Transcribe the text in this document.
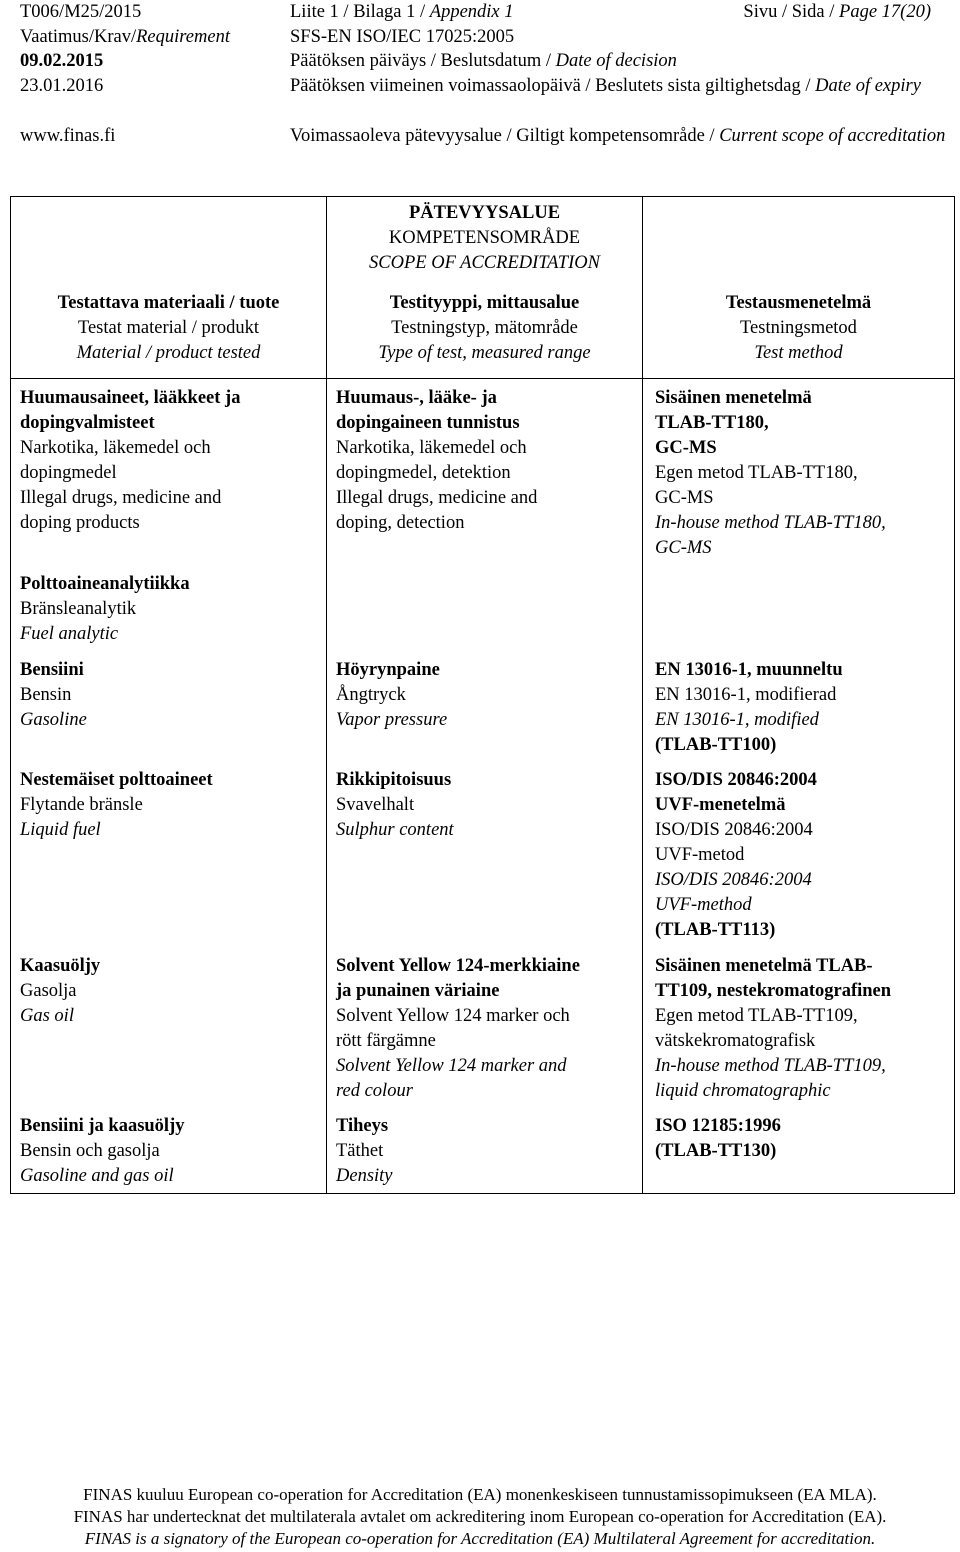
T006/M25/2015
Vaatimus/Krav/Requirement
09.02.2015
23.01.2016
www.finas.fi
Liite 1 / Bilaga 1 / Appendix 1
SFS-EN ISO/IEC 17025:2005
Päätöksen päiväys / Beslutsdatum / Date of decision
Päätöksen viimeinen voimassaolopäivä / Beslutets sista giltighetsdag / Date of expiry
Voimassaoleva pätevyysalue / Giltigt kompetensområde / Current scope of accreditation
Sivu / Sida / Page 17(20)
PÄTEVYYSALUE
KOMPETENSOMRÅDE
SCOPE OF ACCREDITATION
Testattava materiaali / tuote
Testat material / produkt
Material / product tested
Testityyppi, mittausalue
Testningstyp, mätområde
Type of test, measured range
Testausmenetelmä
Testningsmetod
Test method
Huumausaineet, lääkkeet ja
dopingvalmisteet
Narkotika, läkemedel och
dopingmedel
Illegal drugs, medicine and
doping products
Huumaus-, lääke- ja
dopingaineen tunnistus
Narkotika, läkemedel och
dopingmedel, detektion
Illegal drugs, medicine and
doping, detection
Sisäinen menetelmä
TLAB-TT180,
GC-MS
Egen metod TLAB-TT180,
GC-MS
In-house method TLAB-TT180,
GC-MS
Polttoaineanalytiikka
Bränsleanalytik
Fuel analytic
Bensiini
Bensin
Gasoline
Höyrynpaine
Ångtryck
Vapor pressure
EN 13016-1, muunneltu
EN 13016-1, modifierad
EN 13016-1, modified
(TLAB-TT100)
Nestemäiset polttoaineet
Flytande bränsle
Liquid fuel
Rikkipitoisuus
Svavelhalt
Sulphur content
ISO/DIS 20846:2004
UVF-menetelmä
ISO/DIS 20846:2004
UVF-metod
ISO/DIS 20846:2004
UVF-method
(TLAB-TT113)
Kaasuöljy
Gasolja
Gas oil
Solvent Yellow 124-merkkiaine
ja punainen väriaine
Solvent Yellow 124 marker och
rött färgämne
Solvent Yellow 124 marker and
red colour
Sisäinen menetelmä TLAB-
TT109, nestekromatografinen
Egen metod TLAB-TT109,
vätskekromatografisk
In-house method TLAB-TT109,
liquid chromatographic
Bensiini ja kaasuöljy
Bensin och gasolja
Gasoline and gas oil
Tiheys
Täthet
Density
ISO 12185:1996
(TLAB-TT130)
FINAS kuuluu European co-operation for Accreditation (EA) monenkeskiseen tunnustamissopimukseen (EA MLA).
FINAS har undertecknat det multilaterala avtalet om ackreditering inom European co-operation for Accreditation (EA).
FINAS is a signatory of the European co-operation for Accreditation (EA) Multilateral Agreement for accreditation.
